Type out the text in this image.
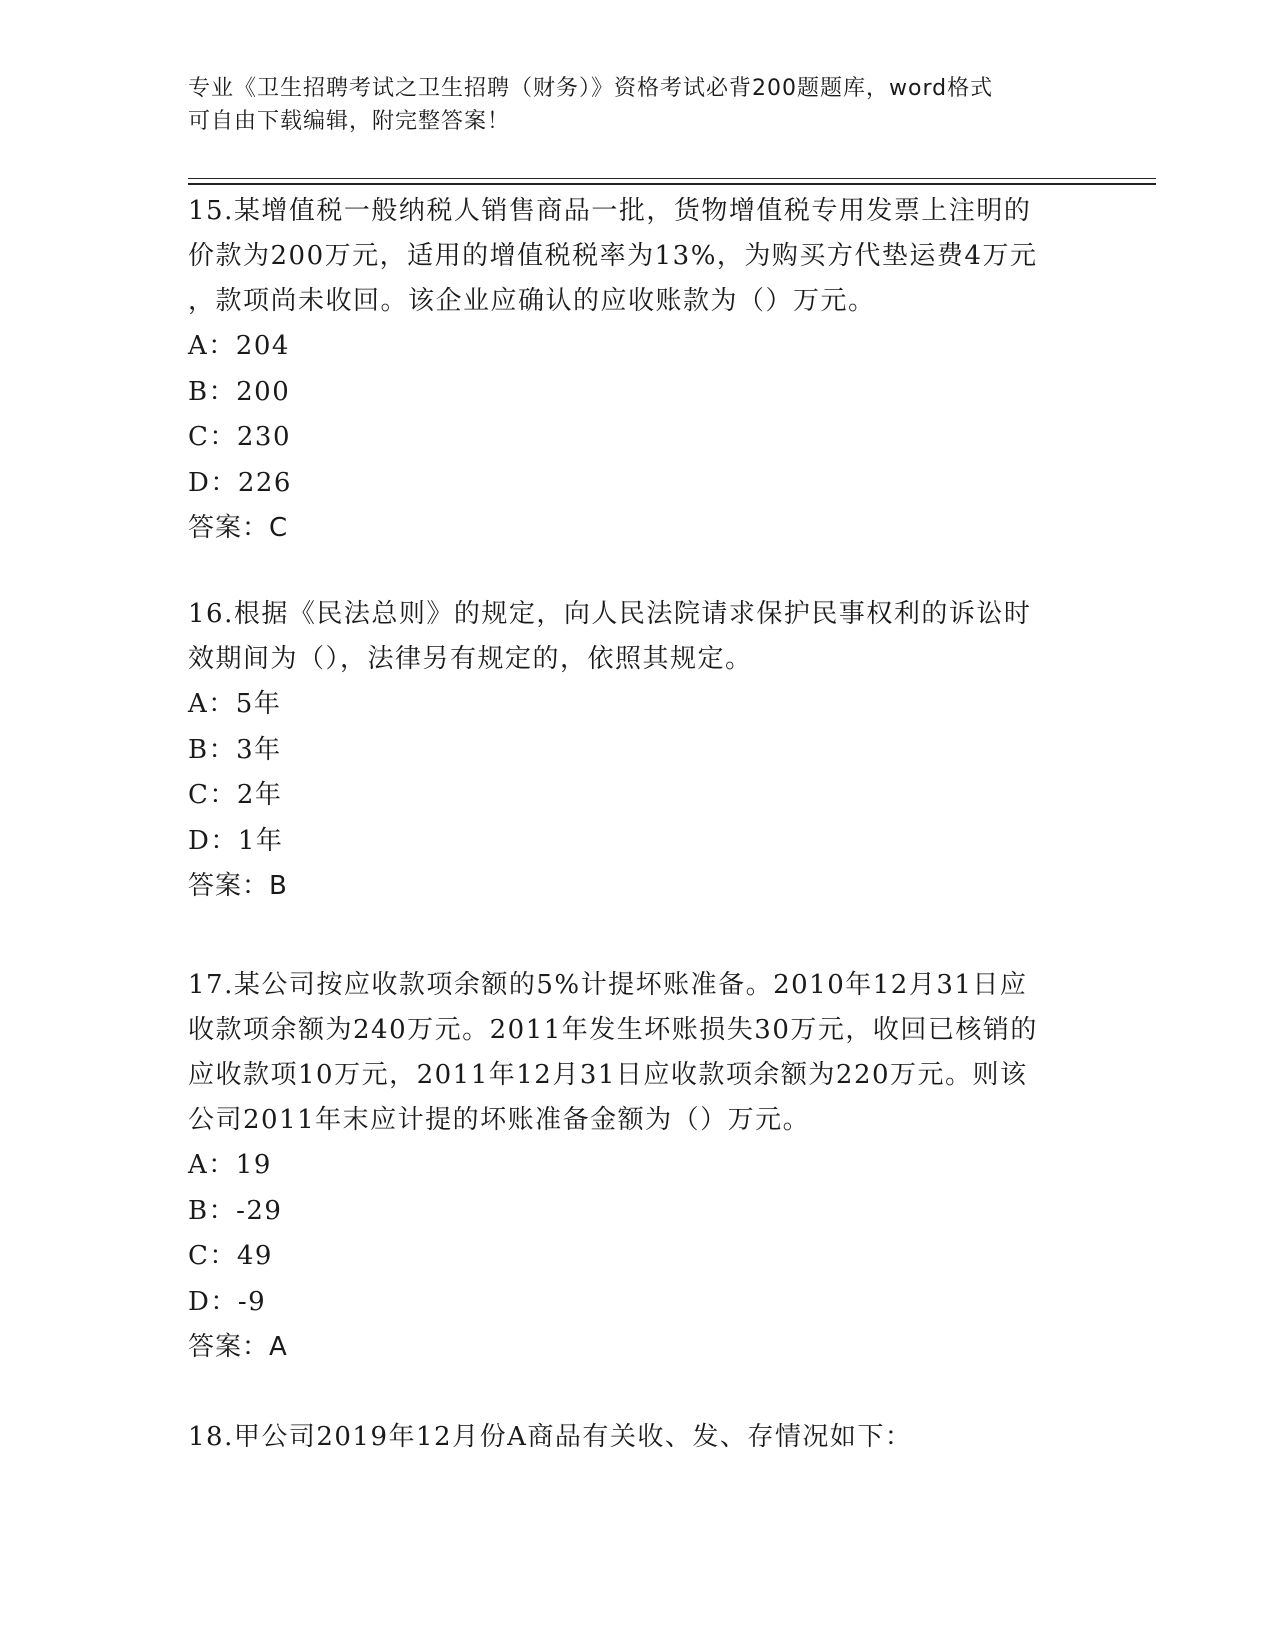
专业《卫生招聘考试之卫生招聘（财务）》资格考试必背200题题库，word格式
可自由下载编辑，附完整答案！
15.某增值税一般纳税人销售商品一批，货物增值税专用发票上注明的
价款为200万元，适用的增值税税率为13%，为购买方代垫运费4万元
，款项尚未收回。该企业应确认的应收账款为（）万元。
A：204
B：200
C：230
D：226
答案：C
16.根据《民法总则》的规定，向人民法院请求保护民事权利的诉讼时
效期间为（），法律另有规定的，依照其规定。
A：5年
B：3年
C：2年
D：1年
答案：B
17.某公司按应收款项余额的5%计提坏账准备。2010年12月31日应
收款项余额为240万元。2011年发生坏账损失30万元，收回已核销的
应收款项10万元，2011年12月31日应收款项余额为220万元。则该
公司2011年末应计提的坏账准备金额为（）万元。
A：19
B：-29
C：49
D：-9
答案：A
18.甲公司2019年12月份A商品有关收、发、存情况如下：
